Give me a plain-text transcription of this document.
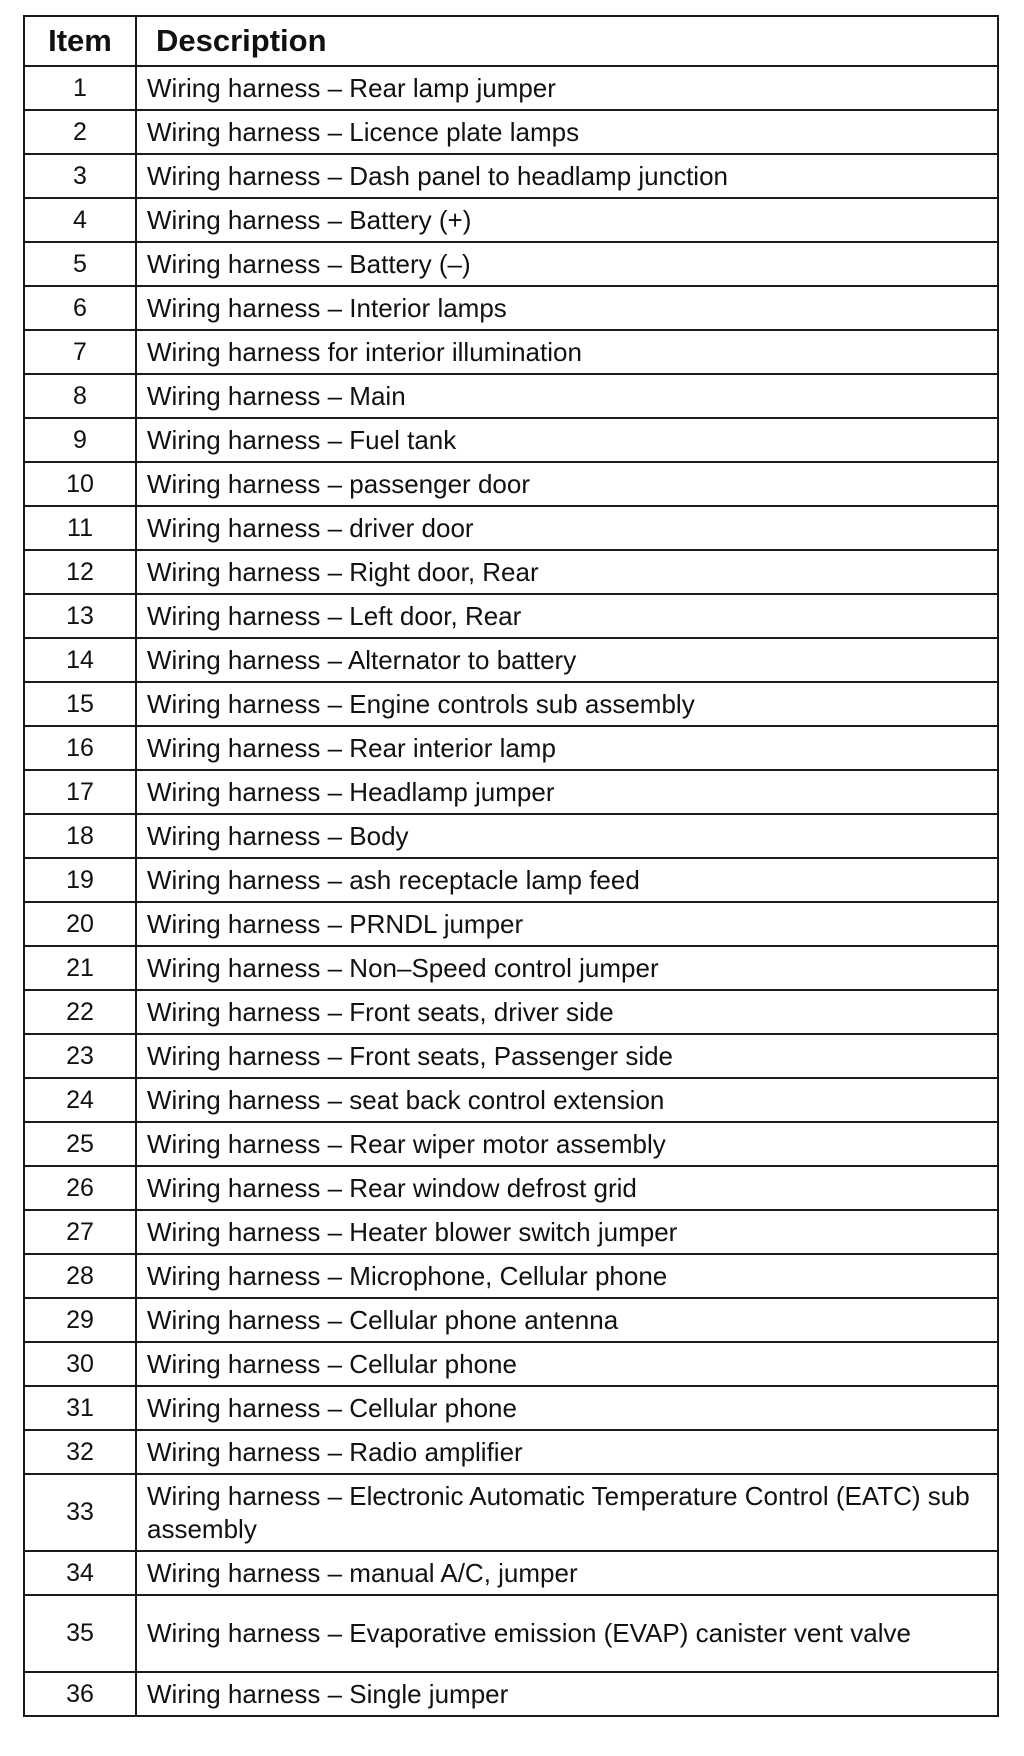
Item	Description
1	Wiring harness – Rear lamp jumper
2	Wiring harness – Licence plate lamps
3	Wiring harness – Dash panel to headlamp junction
4	Wiring harness – Battery (+)
5	Wiring harness – Battery (–)
6	Wiring harness – Interior lamps
7	Wiring harness for interior illumination
8	Wiring harness – Main
9	Wiring harness – Fuel tank
10	Wiring harness – passenger door
11	Wiring harness – driver door
12	Wiring harness – Right door, Rear
13	Wiring harness – Left door, Rear
14	Wiring harness – Alternator to battery
15	Wiring harness – Engine controls sub assembly
16	Wiring harness – Rear interior lamp
17	Wiring harness – Headlamp jumper
18	Wiring harness – Body
19	Wiring harness – ash receptacle lamp feed
20	Wiring harness – PRNDL jumper
21	Wiring harness – Non–Speed control jumper
22	Wiring harness – Front seats, driver side
23	Wiring harness – Front seats, Passenger side
24	Wiring harness – seat back control extension
25	Wiring harness – Rear wiper motor assembly
26	Wiring harness – Rear window defrost grid
27	Wiring harness – Heater blower switch jumper
28	Wiring harness – Microphone, Cellular phone
29	Wiring harness – Cellular phone antenna
30	Wiring harness – Cellular phone
31	Wiring harness – Cellular phone
32	Wiring harness – Radio amplifier
33	Wiring harness – Electronic Automatic Temperature Control (EATC) sub assembly
34	Wiring harness – manual A/C, jumper
35	Wiring harness – Evaporative emission (EVAP) canister vent valve
36	Wiring harness – Single jumper
